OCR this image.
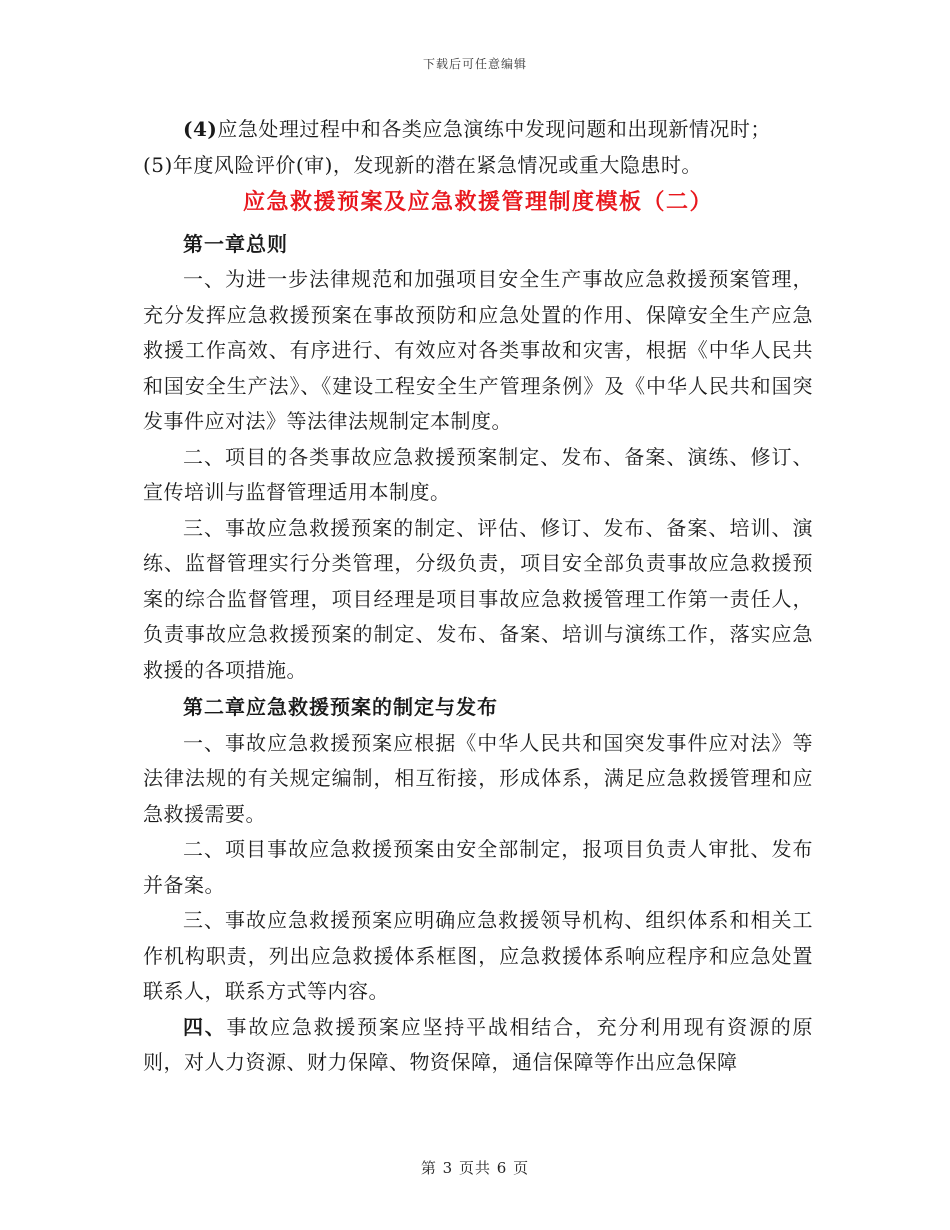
下载后可任意编辑

(4)应急处理过程中和各类应急演练中发现问题和出现新情况时；

(5)年度风险评价(审)，发现新的潜在紧急情况或重大隐患时。

应急救援预案及应急救援管理制度模板（二）

第一章总则

一、为进一步法律规范和加强项目安全生产事故应急救援预案管理，充分发挥应急救援预案在事故预防和应急处置的作用、保障安全生产应急救援工作高效、有序进行、有效应对各类事故和灾害，根据《中华人民共和国安全生产法》、《建设工程安全生产管理条例》及《中华人民共和国突发事件应对法》等法律法规制定本制度。

二、项目的各类事故应急救援预案制定、发布、备案、演练、修订、宣传培训与监督管理适用本制度。

三、事故应急救援预案的制定、评估、修订、发布、备案、培训、演练、监督管理实行分类管理，分级负责，项目安全部负责事故应急救援预案的综合监督管理，项目经理是项目事故应急救援管理工作第一责任人，负责事故应急救援预案的制定、发布、备案、培训与演练工作，落实应急救援的各项措施。

第二章应急救援预案的制定与发布

一、事故应急救援预案应根据《中华人民共和国突发事件应对法》等法律法规的有关规定编制，相互衔接，形成体系，满足应急救援管理和应急救援需要。

二、项目事故应急救援预案由安全部制定，报项目负责人审批、发布并备案。

三、事故应急救援预案应明确应急救援领导机构、组织体系和相关工作机构职责，列出应急救援体系框图，应急救援体系响应程序和应急处置联系人，联系方式等内容。

四、事故应急救援预案应坚持平战相结合，充分利用现有资源的原则，对人力资源、财力保障、物资保障，通信保障等作出应急保障

第 3 页共 6 页
